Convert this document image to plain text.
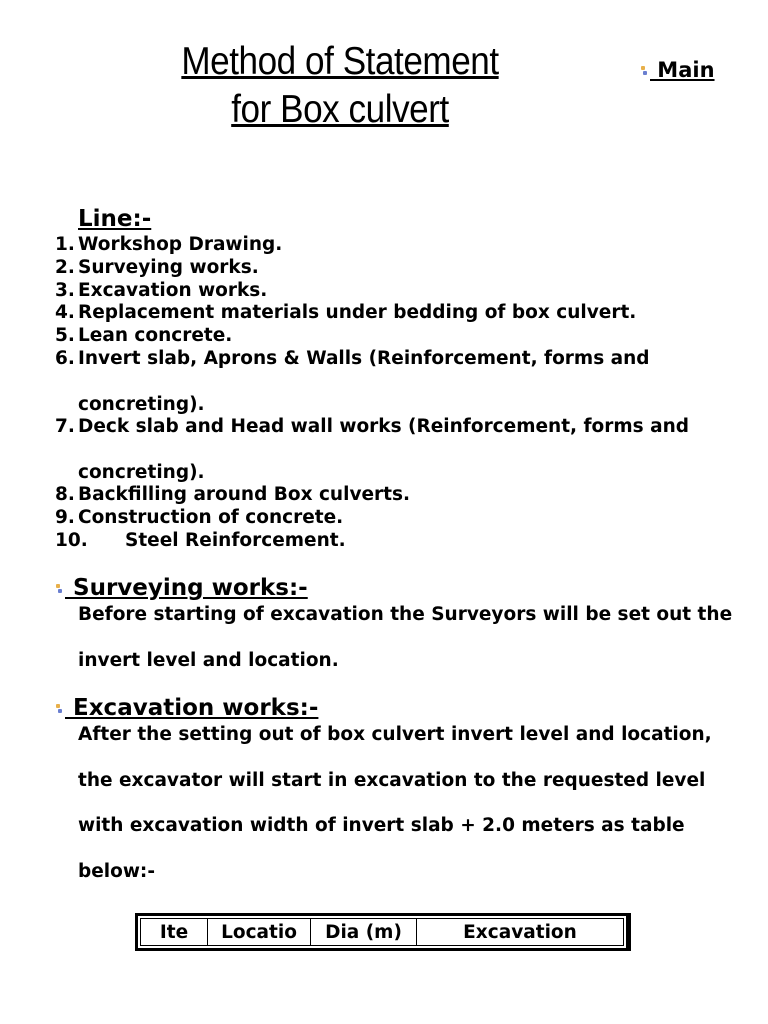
Method of Statement
for Box culvert
Main
Line:-
1. Workshop Drawing.
2. Surveying works.
3. Excavation works.
4. Replacement materials under bedding of box culvert.
5. Lean concrete.
6. Invert slab, Aprons & Walls (Reinforcement, forms and concreting).
7. Deck slab and Head wall works (Reinforcement, forms and concreting).
8. Backfilling around Box culverts.
9. Construction of concrete.
10.	Steel Reinforcement.
Surveying works:-

Before starting of excavation the Surveyors will be set out the invert level and location.

Excavation works:-

After the setting out of box culvert invert level and location, the excavator will start in excavation to the requested level with excavation width of invert slab + 2.0 meters as table below:-

Ite	Locatio	Dia (m)	Excavation
